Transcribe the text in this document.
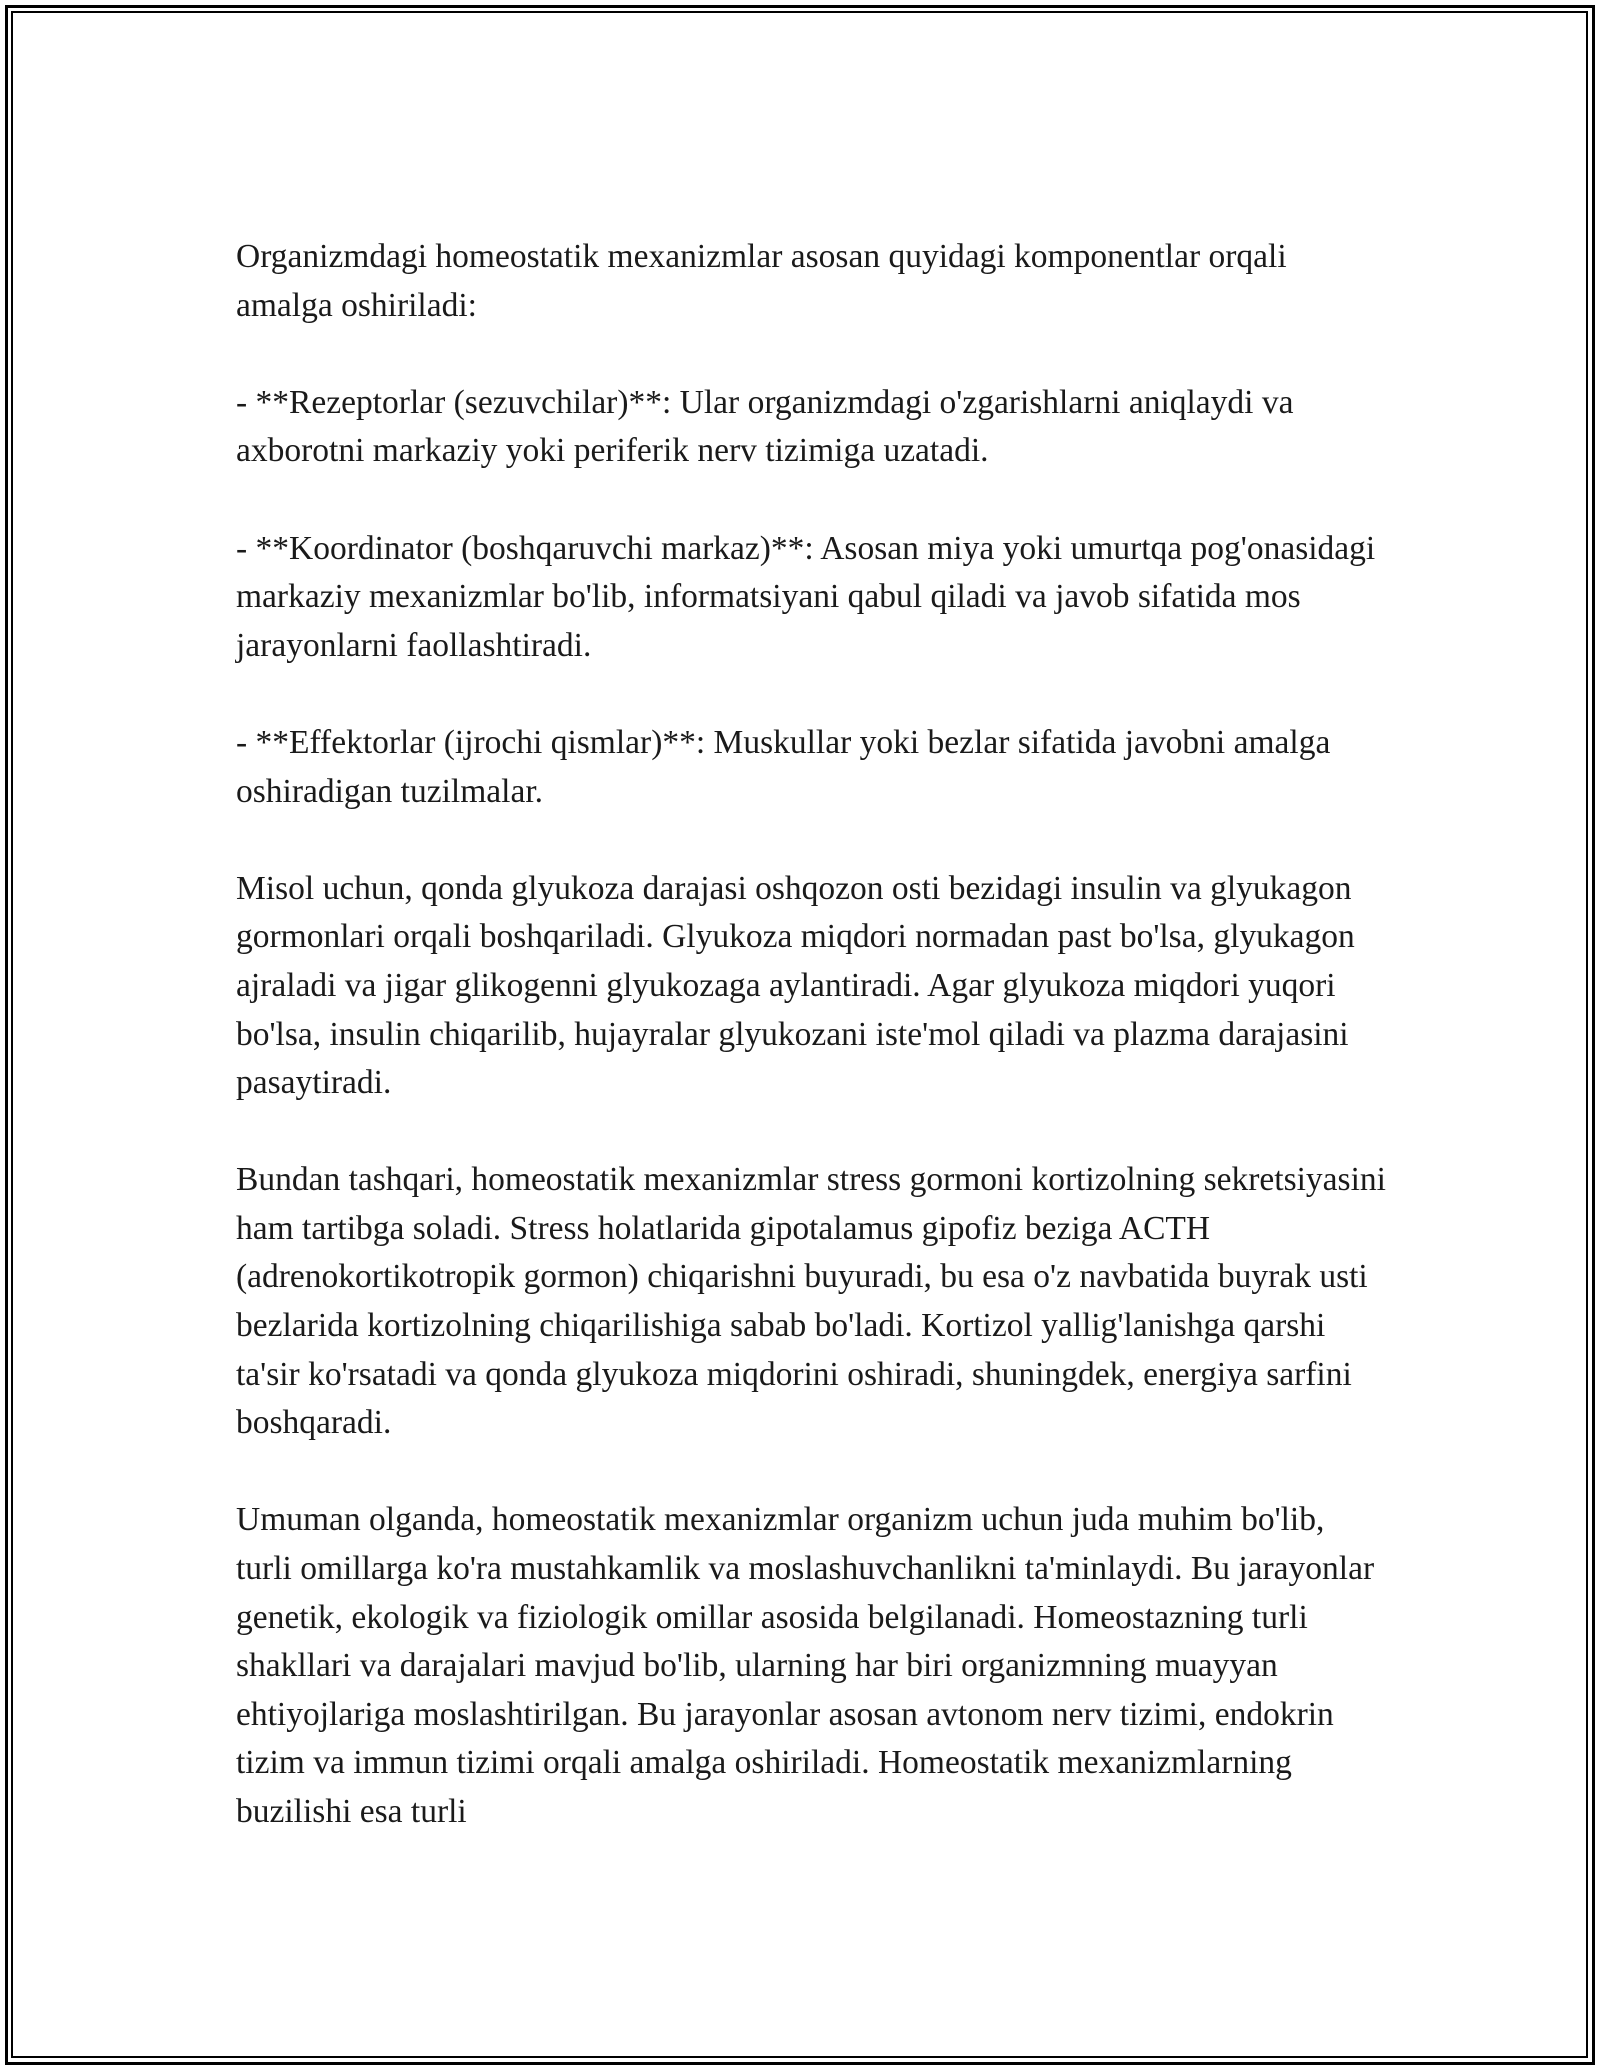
Organizmdagi homeostatik mexanizmlar asosan quyidagi komponentlar orqali amalga oshiriladi:

- **Rezeptorlar (sezuvchilar)**: Ular organizmdagi o'zgarishlarni aniqlaydi va axborotni markaziy yoki periferik nerv tizimiga uzatadi.

- **Koordinator (boshqaruvchi markaz)**: Asosan miya yoki umurtqa pog'onasidagi markaziy mexanizmlar bo'lib, informatsiyani qabul qiladi va javob sifatida mos jarayonlarni faollashtiradi.

- **Effektorlar (ijrochi qismlar)**: Muskullar yoki bezlar sifatida javobni amalga oshiradigan tuzilmalar.

Misol uchun, qonda glyukoza darajasi oshqozon osti bezidagi insulin va glyukagon gormonlari orqali boshqariladi. Glyukoza miqdori normadan past bo'lsa, glyukagon ajraladi va jigar glikogenni glyukozaga aylantiradi. Agar glyukoza miqdori yuqori bo'lsa, insulin chiqarilib, hujayralar glyukozani iste'mol qiladi va plazma darajasini pasaytiradi.

Bundan tashqari, homeostatik mexanizmlar stress gormoni kortizolning sekretsiyasini ham tartibga soladi. Stress holatlarida gipotalamus gipofiz beziga ACTH (adrenokortikotropik gormon) chiqarishni buyuradi, bu esa o'z navbatida buyrak usti bezlarida kortizolning chiqarilishiga sabab bo'ladi. Kortizol yallig'lanishga qarshi ta'sir ko'rsatadi va qonda glyukoza miqdorini oshiradi, shuningdek, energiya sarfini boshqaradi.

Umuman olganda, homeostatik mexanizmlar organizm uchun juda muhim bo'lib, turli omillarga ko'ra mustahkamlik va moslashuvchanlikni ta'minlaydi. Bu jarayonlar genetik, ekologik va fiziologik omillar asosida belgilanadi. Homeostazning turli shakllari va darajalari mavjud bo'lib, ularning har biri organizmning muayyan ehtiyojlariga moslashtirilgan. Bu jarayonlar asosan avtonom nerv tizimi, endokrin tizim va immun tizimi orqali amalga oshiriladi. Homeostatik mexanizmlarning buzilishi esa turli
